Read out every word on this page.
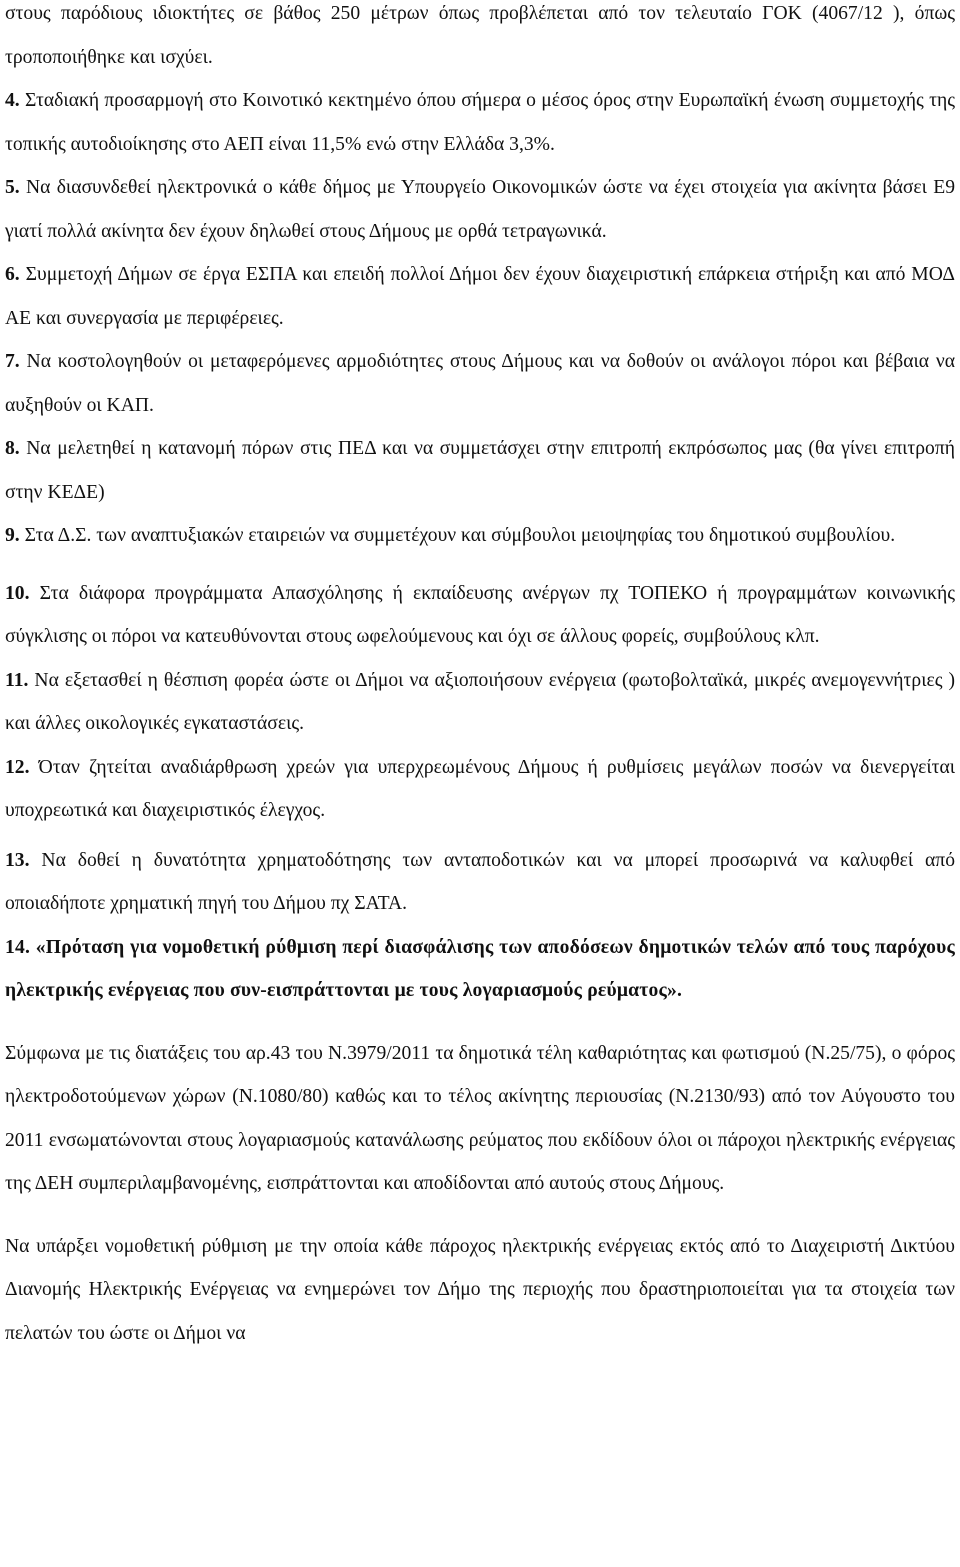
στους παρόδιους ιδιοκτήτες σε βάθος 250 μέτρων όπως προβλέπεται από τον τελευταίο ΓΟΚ (4067/12 ), όπως τροποποιήθηκε και ισχύει.

4. Σταδιακή προσαρμογή στο Κοινοτικό κεκτημένο όπου σήμερα ο μέσος όρος στην Ευρωπαϊκή ένωση συμμετοχής της τοπικής αυτοδιοίκησης στο ΑΕΠ είναι 11,5% ενώ στην Ελλάδα 3,3%.

5. Να διασυνδεθεί ηλεκτρονικά ο κάθε δήμος με Υπουργείο Οικονομικών ώστε να έχει στοιχεία για ακίνητα βάσει Ε9 γιατί πολλά ακίνητα δεν έχουν δηλωθεί στους Δήμους με ορθά τετραγωνικά.

6. Συμμετοχή Δήμων σε έργα ΕΣΠΑ και επειδή πολλοί Δήμοι δεν έχουν διαχειριστική επάρκεια στήριξη και από ΜΟΔ ΑΕ και συνεργασία με περιφέρειες.

7. Να κοστολογηθούν οι μεταφερόμενες αρμοδιότητες στους Δήμους και να δοθούν οι ανάλογοι πόροι και βέβαια να αυξηθούν οι ΚΑΠ.

8. Να μελετηθεί η κατανομή πόρων στις ΠΕΔ και να συμμετάσχει στην επιτροπή εκπρόσωπος μας (θα γίνει επιτροπή στην ΚΕΔΕ)

9. Στα Δ.Σ. των αναπτυξιακών εταιρειών να συμμετέχουν και σύμβουλοι μειοψηφίας του δημοτικού συμβουλίου.

10. Στα διάφορα προγράμματα Απασχόλησης ή εκπαίδευσης ανέργων πχ ΤΟΠΕΚΟ ή προγραμμάτων κοινωνικής σύγκλισης οι πόροι να κατευθύνονται στους ωφελούμενους και όχι σε άλλους φορείς, συμβούλους κλπ.

11. Να εξετασθεί η θέσπιση φορέα ώστε οι Δήμοι να αξιοποιήσουν ενέργεια (φωτοβολταϊκά, μικρές ανεμογεννήτριες ) και άλλες οικολογικές εγκαταστάσεις.

12. Όταν ζητείται αναδιάρθρωση χρεών για υπερχρεωμένους Δήμους ή ρυθμίσεις μεγάλων ποσών να διενεργείται υποχρεωτικά και διαχειριστικός έλεγχος.

13. Να δοθεί η δυνατότητα χρηματοδότησης των ανταποδοτικών και να μπορεί προσωρινά να καλυφθεί από οποιαδήποτε χρηματική πηγή του Δήμου πχ ΣΑΤΑ.

14. «Πρόταση για νομοθετική ρύθμιση περί διασφάλισης των αποδόσεων δημοτικών τελών από τους παρόχους ηλεκτρικής ενέργειας που συν-εισπράττονται με τους λογαριασμούς ρεύματος».

Σύμφωνα με τις διατάξεις του αρ.43 του Ν.3979/2011 τα δημοτικά τέλη καθαριότητας και φωτισμού (Ν.25/75), ο φόρος ηλεκτροδοτούμενων χώρων (Ν.1080/80) καθώς και το τέλος ακίνητης περιουσίας (Ν.2130/93) από τον Αύγουστο του 2011 ενσωματώνονται στους λογαριασμούς κατανάλωσης ρεύματος που εκδίδουν όλοι οι πάροχοι ηλεκτρικής ενέργειας της ΔΕΗ συμπεριλαμβανομένης, εισπράττονται και αποδίδονται από αυτούς στους Δήμους.

Να υπάρξει νομοθετική ρύθμιση με την οποία κάθε πάροχος ηλεκτρικής ενέργειας εκτός από το Διαχειριστή Δικτύου Διανομής Ηλεκτρικής Ενέργειας να ενημερώνει τον Δήμο της περιοχής που δραστηριοποιείται για τα στοιχεία των πελατών του ώστε οι Δήμοι να
